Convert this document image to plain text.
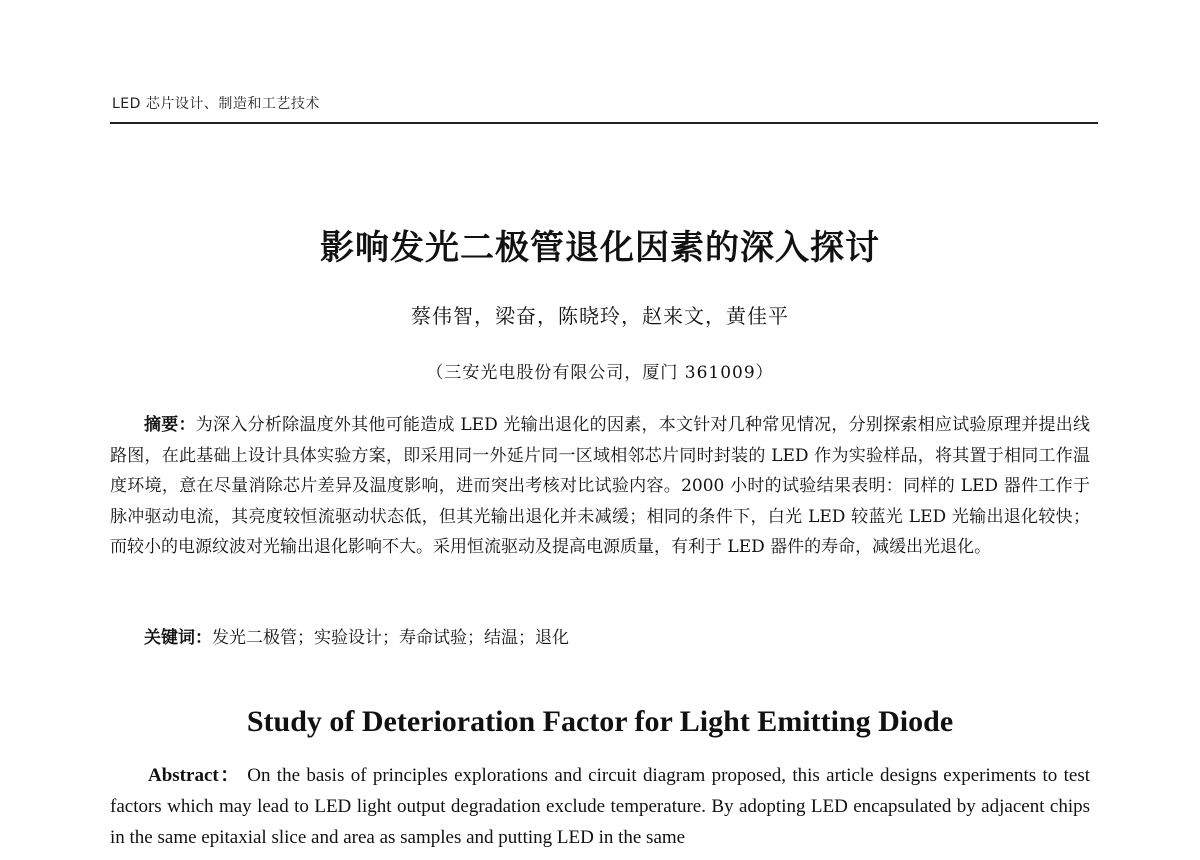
LED 芯片设计、制造和工艺技术
影响发光二极管退化因素的深入探讨
蔡伟智，梁奋，陈晓玲，赵来文，黄佳平
（三安光电股份有限公司，厦门 361009）

摘要：为深入分析除温度外其他可能造成 LED 光输出退化的因素，本文针对几种常见情况，分别探索相应试验原理并提出线路图，在此基础上设计具体实验方案，即采用同一外延片同一区域相邻芯片同时封装的 LED 作为实验样品，将其置于相同工作温度环境，意在尽量消除芯片差异及温度影响，进而突出考核对比试验内容。2000 小时的试验结果表明：同样的 LED 器件工作于脉冲驱动电流，其亮度较恒流驱动状态低，但其光输出退化并未减缓；相同的条件下，白光 LED 较蓝光 LED 光输出退化较快；而较小的电源纹波对光输出退化影响不大。采用恒流驱动及提高电源质量，有利于 LED 器件的寿命，减缓出光退化。

关键词：发光二极管；实验设计；寿命试验；结温；退化

Study of Deterioration Factor for Light Emitting Diode

Abstract： On the basis of principles explorations and circuit diagram proposed, this article designs experiments to test factors which may lead to LED light output degradation exclude temperature. By adopting LED encapsulated by adjacent chips in the same epitaxial slice and area as samples and putting LED in the same
